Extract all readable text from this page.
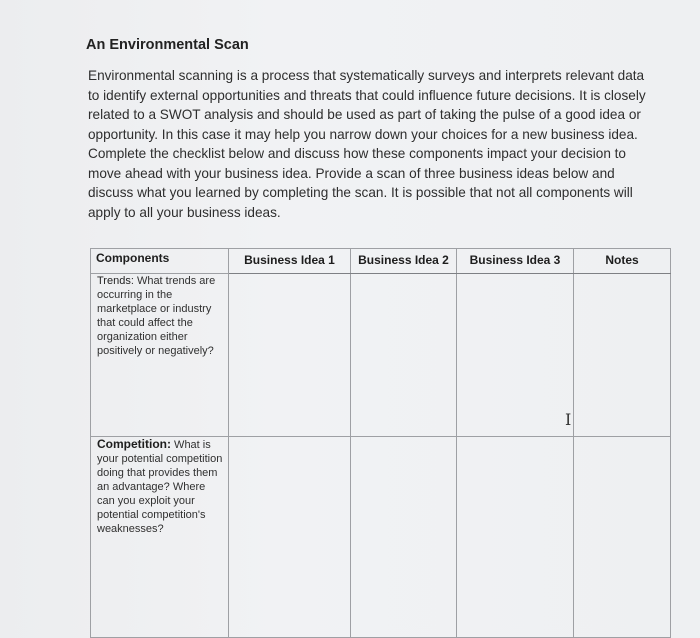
An Environmental Scan
Environmental scanning is a process that systematically surveys and interprets relevant data to identify external opportunities and threats that could influence future decisions. It is closely related to a SWOT analysis and should be used as part of taking the pulse of a good idea or opportunity. In this case it may help you narrow down your choices for a new business idea. Complete the checklist below and discuss how these components impact your decision to move ahead with your business idea. Provide a scan of three business ideas below and discuss what you learned by completing the scan. It is possible that not all components will apply to all your business ideas.
Components	Business Idea 1	Business Idea 2	Business Idea 3	Notes
Trends: What trends are occurring in the marketplace or industry that could affect the organization either positively or negatively?			I	

Competition: What is your potential competition doing that provides them an advantage? Where can you exploit your potential competition's weaknesses?				
